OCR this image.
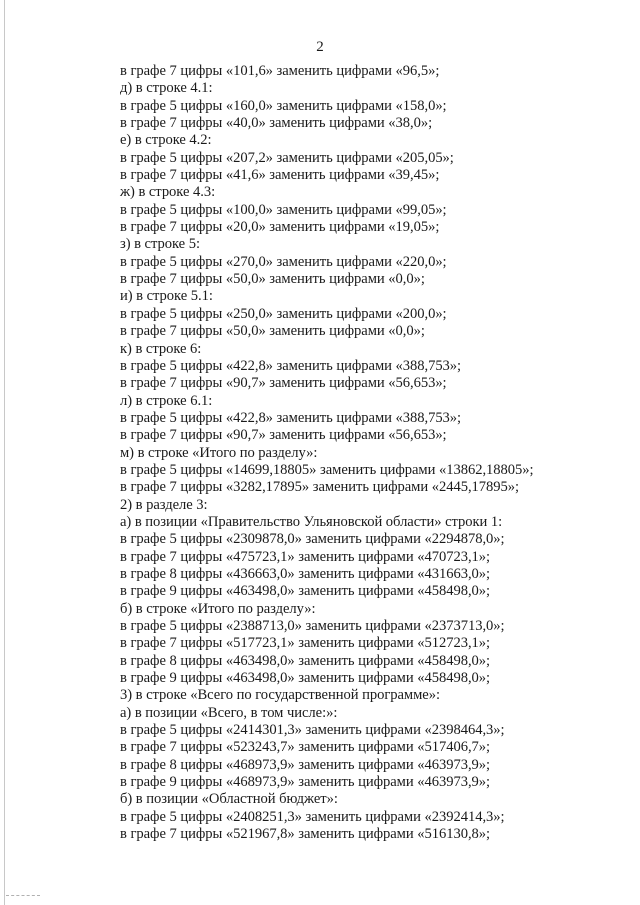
2
в графе 7 цифры «101,6» заменить цифрами «96,5»;
д) в строке 4.1:
в графе 5 цифры «160,0» заменить цифрами «158,0»;
в графе 7 цифры «40,0» заменить цифрами «38,0»;
е) в строке 4.2:
в графе 5 цифры «207,2» заменить цифрами «205,05»;
в графе 7 цифры «41,6» заменить цифрами «39,45»;
ж) в строке 4.3:
в графе 5 цифры «100,0» заменить цифрами «99,05»;
в графе 7 цифры «20,0» заменить цифрами «19,05»;
з) в строке 5:
в графе 5 цифры «270,0» заменить цифрами «220,0»;
в графе 7 цифры «50,0» заменить цифрами «0,0»;
и) в строке 5.1:
в графе 5 цифры «250,0» заменить цифрами «200,0»;
в графе 7 цифры «50,0» заменить цифрами «0,0»;
к) в строке 6:
в графе 5 цифры «422,8» заменить цифрами «388,753»;
в графе 7 цифры «90,7» заменить цифрами «56,653»;
л) в строке 6.1:
в графе 5 цифры «422,8» заменить цифрами «388,753»;
в графе 7 цифры «90,7» заменить цифрами «56,653»;
м) в строке «Итого по разделу»:
в графе 5 цифры «14699,18805» заменить цифрами «13862,18805»;
в графе 7 цифры «3282,17895» заменить цифрами «2445,17895»;
2) в разделе 3:
а) в позиции «Правительство Ульяновской области» строки 1:
в графе 5 цифры «2309878,0» заменить цифрами «2294878,0»;
в графе 7 цифры «475723,1» заменить цифрами «470723,1»;
в графе 8 цифры «436663,0» заменить цифрами «431663,0»;
в графе 9 цифры «463498,0» заменить цифрами «458498,0»;
б) в строке «Итого по разделу»:
в графе 5 цифры «2388713,0» заменить цифрами «2373713,0»;
в графе 7 цифры «517723,1» заменить цифрами «512723,1»;
в графе 8 цифры «463498,0» заменить цифрами «458498,0»;
в графе 9 цифры «463498,0» заменить цифрами «458498,0»;
3) в строке «Всего по государственной программе»:
а) в позиции «Всего, в том числе:»:
в графе 5 цифры «2414301,3» заменить цифрами «2398464,3»;
в графе 7 цифры «523243,7» заменить цифрами «517406,7»;
в графе 8 цифры «468973,9» заменить цифрами «463973,9»;
в графе 9 цифры «468973,9» заменить цифрами «463973,9»;
б) в позиции «Областной бюджет»:
в графе 5 цифры «2408251,3» заменить цифрами «2392414,3»;
в графе 7 цифры «521967,8» заменить цифрами «516130,8»;
